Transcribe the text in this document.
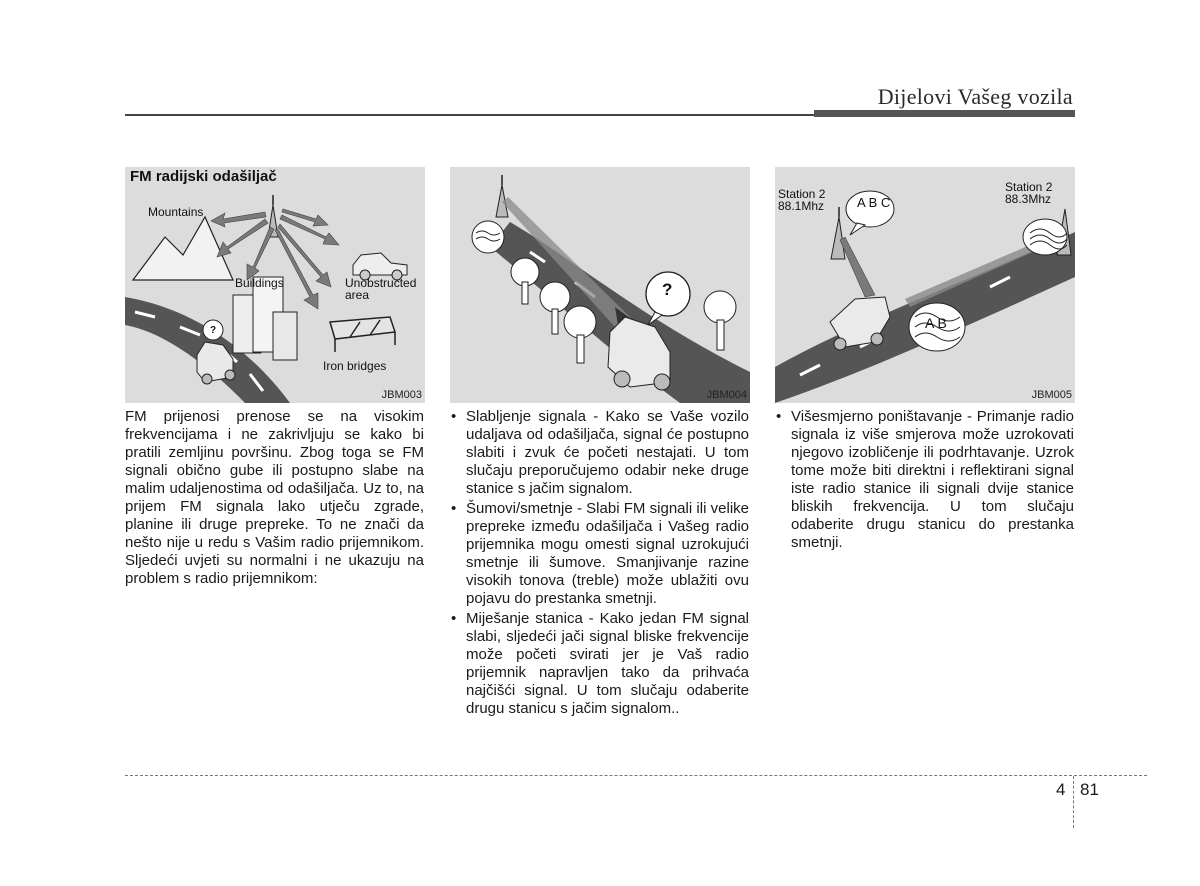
Dijelovi Vašeg vozila
FM radijski odašiljač
Mountains
Buildings	Unobstructed
area
Iron bridges
?
JBM003
?
JBM004
Station 2
88.1Mhz
Station 2
88.3Mhz
A B C
A B
JBM005

FM prijenosi prenose se na visokim frekvencijama i ne zakrivljuju se kako bi pratili zemljinu površinu. Zbog toga se FM signali obično gube ili postupno slabe na malim udaljenostima od odašiljača. Uz to, na prijem FM signala lako utječu zgrade, planine ili druge prepreke. To ne znači da nešto nije u redu s Vašim radio prijemnikom. Sljedeći uvjeti su normalni i ne ukazuju na problem s radio prijemnikom:

• Slabljenje signala - Kako se Vaše vozilo udaljava od odašiljača, signal će postupno slabiti i zvuk će početi nestajati. U tom slučaju preporučujemo odabir neke druge stanice s jačim signalom.
• Šumovi/smetnje - Slabi FM signali ili velike prepreke između odašiljača i Vašeg radio prijemnika mogu omesti signal uzrokujući smetnje ili šumove. Smanjivanje razine visokih tonova (treble) može ublažiti ovu pojavu do prestanka smetnji.
• Miješanje stanica - Kako jedan FM signal slabi, sljedeći jači signal bliske frekvencije može početi svirati jer je Vaš radio prijemnik napravljen tako da prihvaća najčišći signal. U tom slučaju odaberite drugu stanicu s jačim signalom..
• Višesmjerno poništavanje - Primanje radio signala iz više smjerova može uzrokovati njegovo izobličenje ili podrhtavanje. Uzrok tome može biti direktni i reflektirani signal iste radio stanice ili signali dvije stanice bliskih frekvencija. U tom slučaju odaberite drugu stanicu do prestanka smetnji.
4 81
